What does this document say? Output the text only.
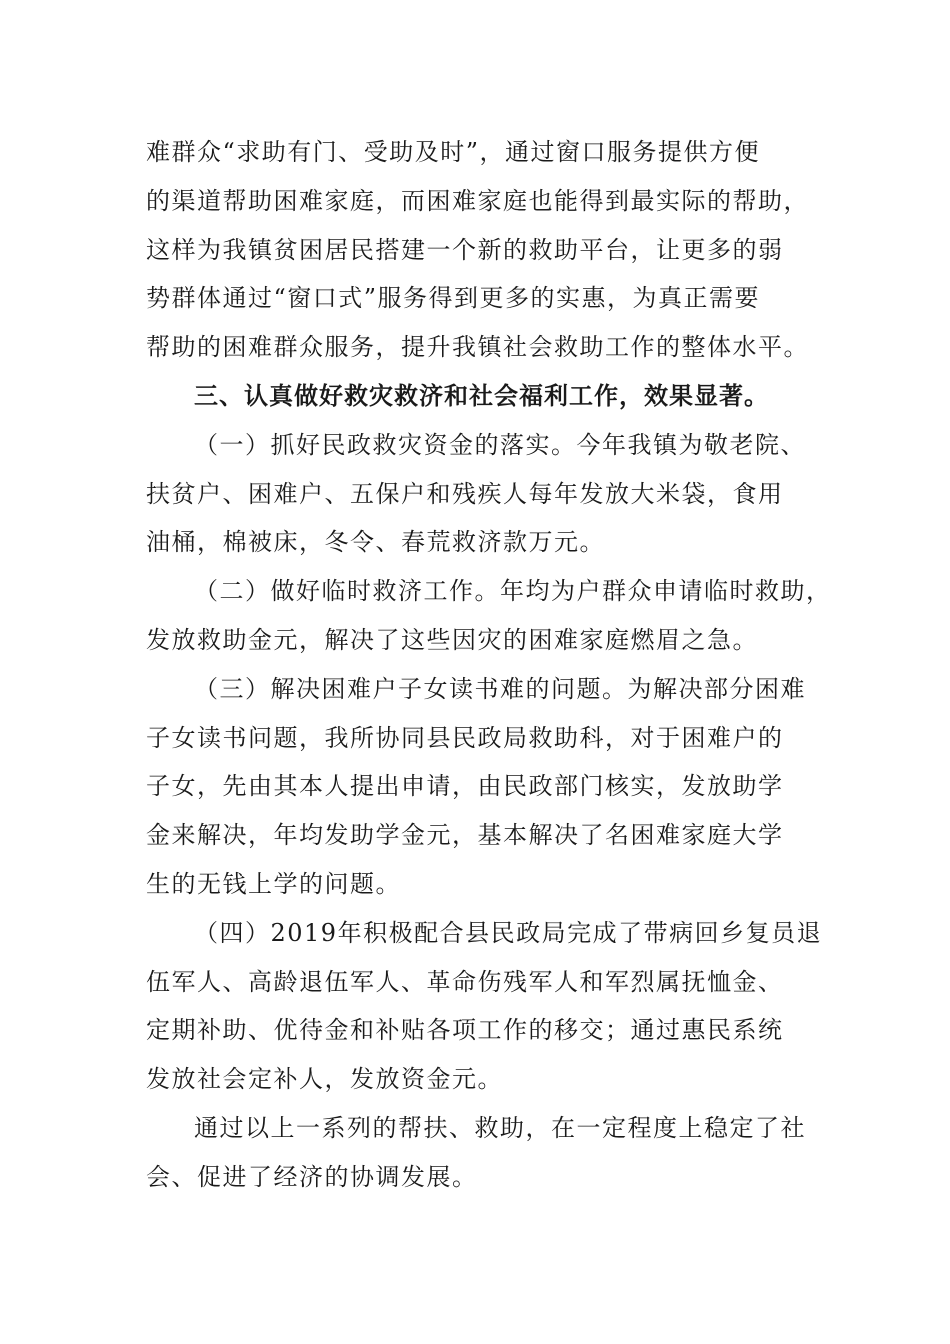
难群众“求助有门、受助及时”，通过窗口服务提供方便
的渠道帮助困难家庭，而困难家庭也能得到最实际的帮助，
这样为我镇贫困居民搭建一个新的救助平台，让更多的弱
势群体通过“窗口式”服务得到更多的实惠，为真正需要
帮助的困难群众服务，提升我镇社会救助工作的整体水平。
三、认真做好救灾救济和社会福利工作，效果显著。
（一）抓好民政救灾资金的落实。今年我镇为敬老院、
扶贫户、困难户、五保户和残疾人每年发放大米袋，食用
油桶，棉被床，冬令、春荒救济款万元。
（二）做好临时救济工作。年均为户群众申请临时救助，
发放救助金元，解决了这些因灾的困难家庭燃眉之急。
（三）解决困难户子女读书难的问题。为解决部分困难
子女读书问题，我所协同县民政局救助科，对于困难户的
子女，先由其本人提出申请，由民政部门核实，发放助学
金来解决，年均发助学金元，基本解决了名困难家庭大学
生的无钱上学的问题。
（四）2019年积极配合县民政局完成了带病回乡复员退
伍军人、高龄退伍军人、革命伤残军人和军烈属抚恤金、
定期补助、优待金和补贴各项工作的移交；通过惠民系统
发放社会定补人，发放资金元。
通过以上一系列的帮扶、救助，在一定程度上稳定了社
会、促进了经济的协调发展。
